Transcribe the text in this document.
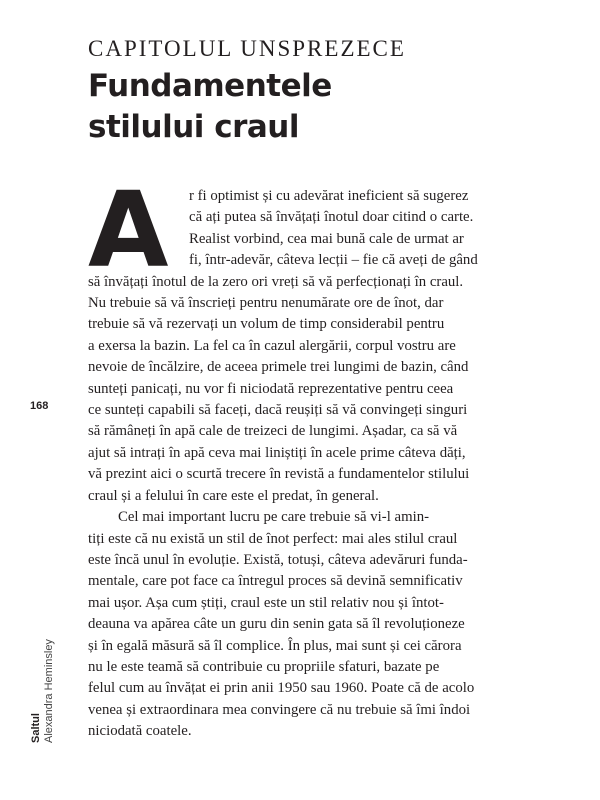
CAPITOLUL UNSPREZECE
Fundamentele
stilului craul
A	r fi optimist și cu adevărat ineficient să sugerez
că ați putea să învățați înotul doar citind o carte.
Realist vorbind, cea mai bună cale de urmat ar
fi, într-adevăr, câteva lecții – fie că aveți de gând
să învățați înotul de la zero ori vreți să vă perfecționați în craul.
Nu trebuie să vă înscrieți pentru nenumărate ore de înot, dar
trebuie să vă rezervați un volum de timp considerabil pentru
a exersa la bazin. La fel ca în cazul alergării, corpul vostru are
nevoie de încălzire, de aceea primele trei lungimi de bazin, când
sunteți panicați, nu vor fi niciodată reprezentative pentru ceea
ce sunteți capabili să faceți, dacă reușiți să vă convingeți singuri
să rămâneți în apă cale de treizeci de lungimi. Așadar, ca să vă
ajut să intrați în apă ceva mai liniștiți în acele prime câteva dăți,
vă prezint aici o scurtă trecere în revistă a fundamentelor stilului
craul și a felului în care este el predat, în general.

Cel mai important lucru pe care trebuie să vi-l amin-
tiți este că nu există un stil de înot perfect: mai ales stilul craul
este încă unul în evoluție. Există, totuși, câteva adevăruri funda-
mentale, care pot face ca întregul proces să devină semnificativ
mai ușor. Așa cum știți, craul este un stil relativ nou și întot-
deauna va apărea câte un guru din senin gata să îl revoluționeze
și în egală măsură să îl complice. În plus, mai sunt și cei cărora
nu le este teamă să contribuie cu propriile sfaturi, bazate pe
felul cum au învățat ei prin anii 1950 sau 1960. Poate că de acolo
venea și extraordinara mea convingere că nu trebuie să îmi îndoi
niciodată coatele.

168
Saltul Alexandra Heminsley
